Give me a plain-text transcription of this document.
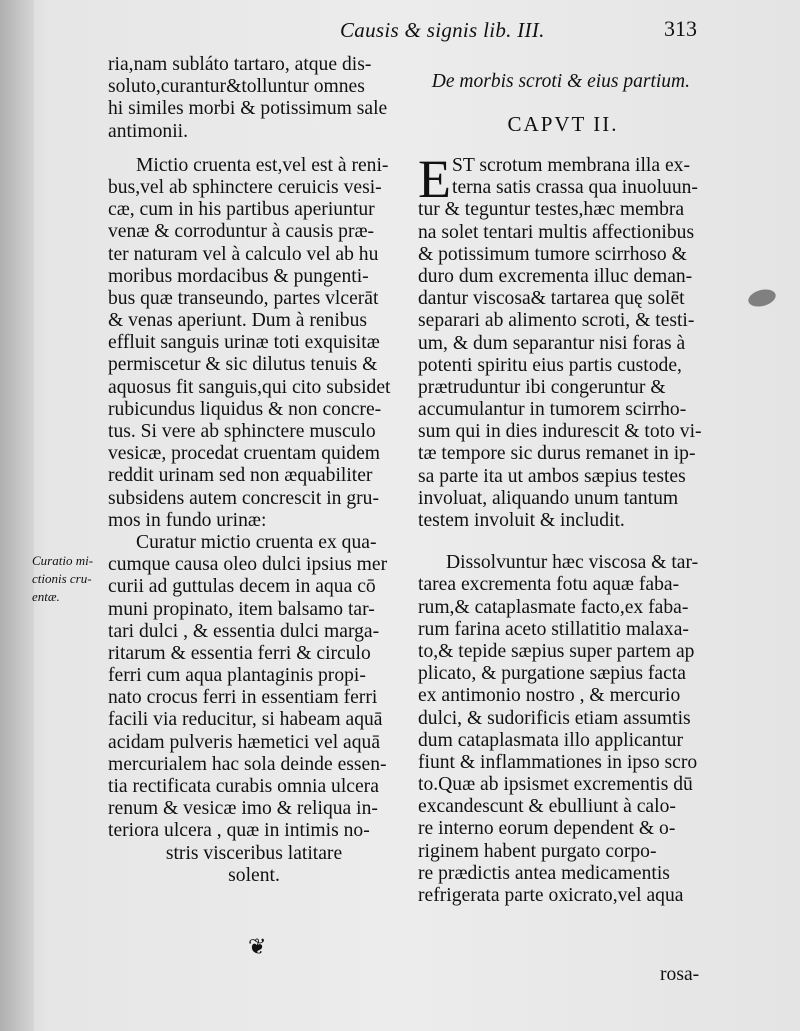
Causis & signis lib. III.	313
ria,nam subláto tartaro, atque dis-
soluto,curantur&tolluntur omnes
hi similes morbi & potissimum sale
antimonii.
Mictio cruenta est,vel est à reni-
bus,vel ab sphinctere ceruicis vesi-
cæ, cum in his partibus aperiuntur
venæ & corroduntur à causis præ-
ter naturam vel à calculo vel ab hu
moribus mordacibus & pungenti-
bus quæ transeundo, partes vlcerāt
& venas aperiunt. Dum à renibus
effluit sanguis urinæ toti exquisitæ
permiscetur & sic dilutus tenuis &
aquosus fit sanguis,qui cito subsidet
rubicundus liquidus & non concre-
tus. Si vere ab sphinctere musculo
vesicæ, procedat cruentam quidem
reddit urinam sed non æquabiliter
subsidens autem concrescit in gru-
mos in fundo urinæ:
Curatur mictio cruenta ex qua-
cumque causa oleo dulci ipsius mer
curii ad guttulas decem in aqua cō
muni propinato, item balsamo tar-
tari dulci , & essentia dulci marga-
ritarum & essentia ferri & circulo
ferri cum aqua plantaginis propi-
nato crocus ferri in essentiam ferri
facili via reducitur, si habeam aquā
acidam pulveris hæmetici vel aquā
mercurialem hac sola deinde essen-
tia rectificata curabis omnia ulcera
renum & vesicæ imo & reliqua in-
teriora ulcera , quæ in intimis no-
stris visceribus latitare
solent.
Curatio mi-
ctionis cru-
entæ.
De morbis scroti & eius partium.
CAPVT II.
E ST scrotum membrana illa ex-
terna satis crassa qua inuoluun-
tur & teguntur testes,hæc membra
na solet tentari multis affectionibus
& potissimum tumore scirrhoso &
duro dum excrementa illuc deman-
dantur viscosa& tartarea quę solēt
separari ab alimento scroti, & testi-
um, & dum separantur nisi foras à
potenti spiritu eius partis custode,
prætruduntur ibi congeruntur &
accumulantur in tumorem scirrho-
sum qui in dies indurescit & toto vi-
tæ tempore sic durus remanet in ip-
sa parte ita ut ambos sæpius testes
involuat, aliquando unum tantum
testem involuit & includit.
Dissolvuntur hæc viscosa & tar-
tarea excrementa fotu aquæ faba-
rum,& cataplasmate facto,ex faba-
rum farina aceto stillatitio malaxa-
to,& tepide sæpius super partem ap
plicato, & purgatione sæpius facta
ex antimonio nostro , & mercurio
dulci, & sudorificis etiam assumtis
dum cataplasmata illo applicantur
fiunt & inflammationes in ipso scro
to.Quæ ab ipsismet excrementis dū
excandescunt & ebulliunt à calo-
re interno eorum dependent & o-
riginem habent purgato corpo-
re prædictis antea medicamentis
refrigerata parte oxicrato,vel aqua
rosa-
❦
